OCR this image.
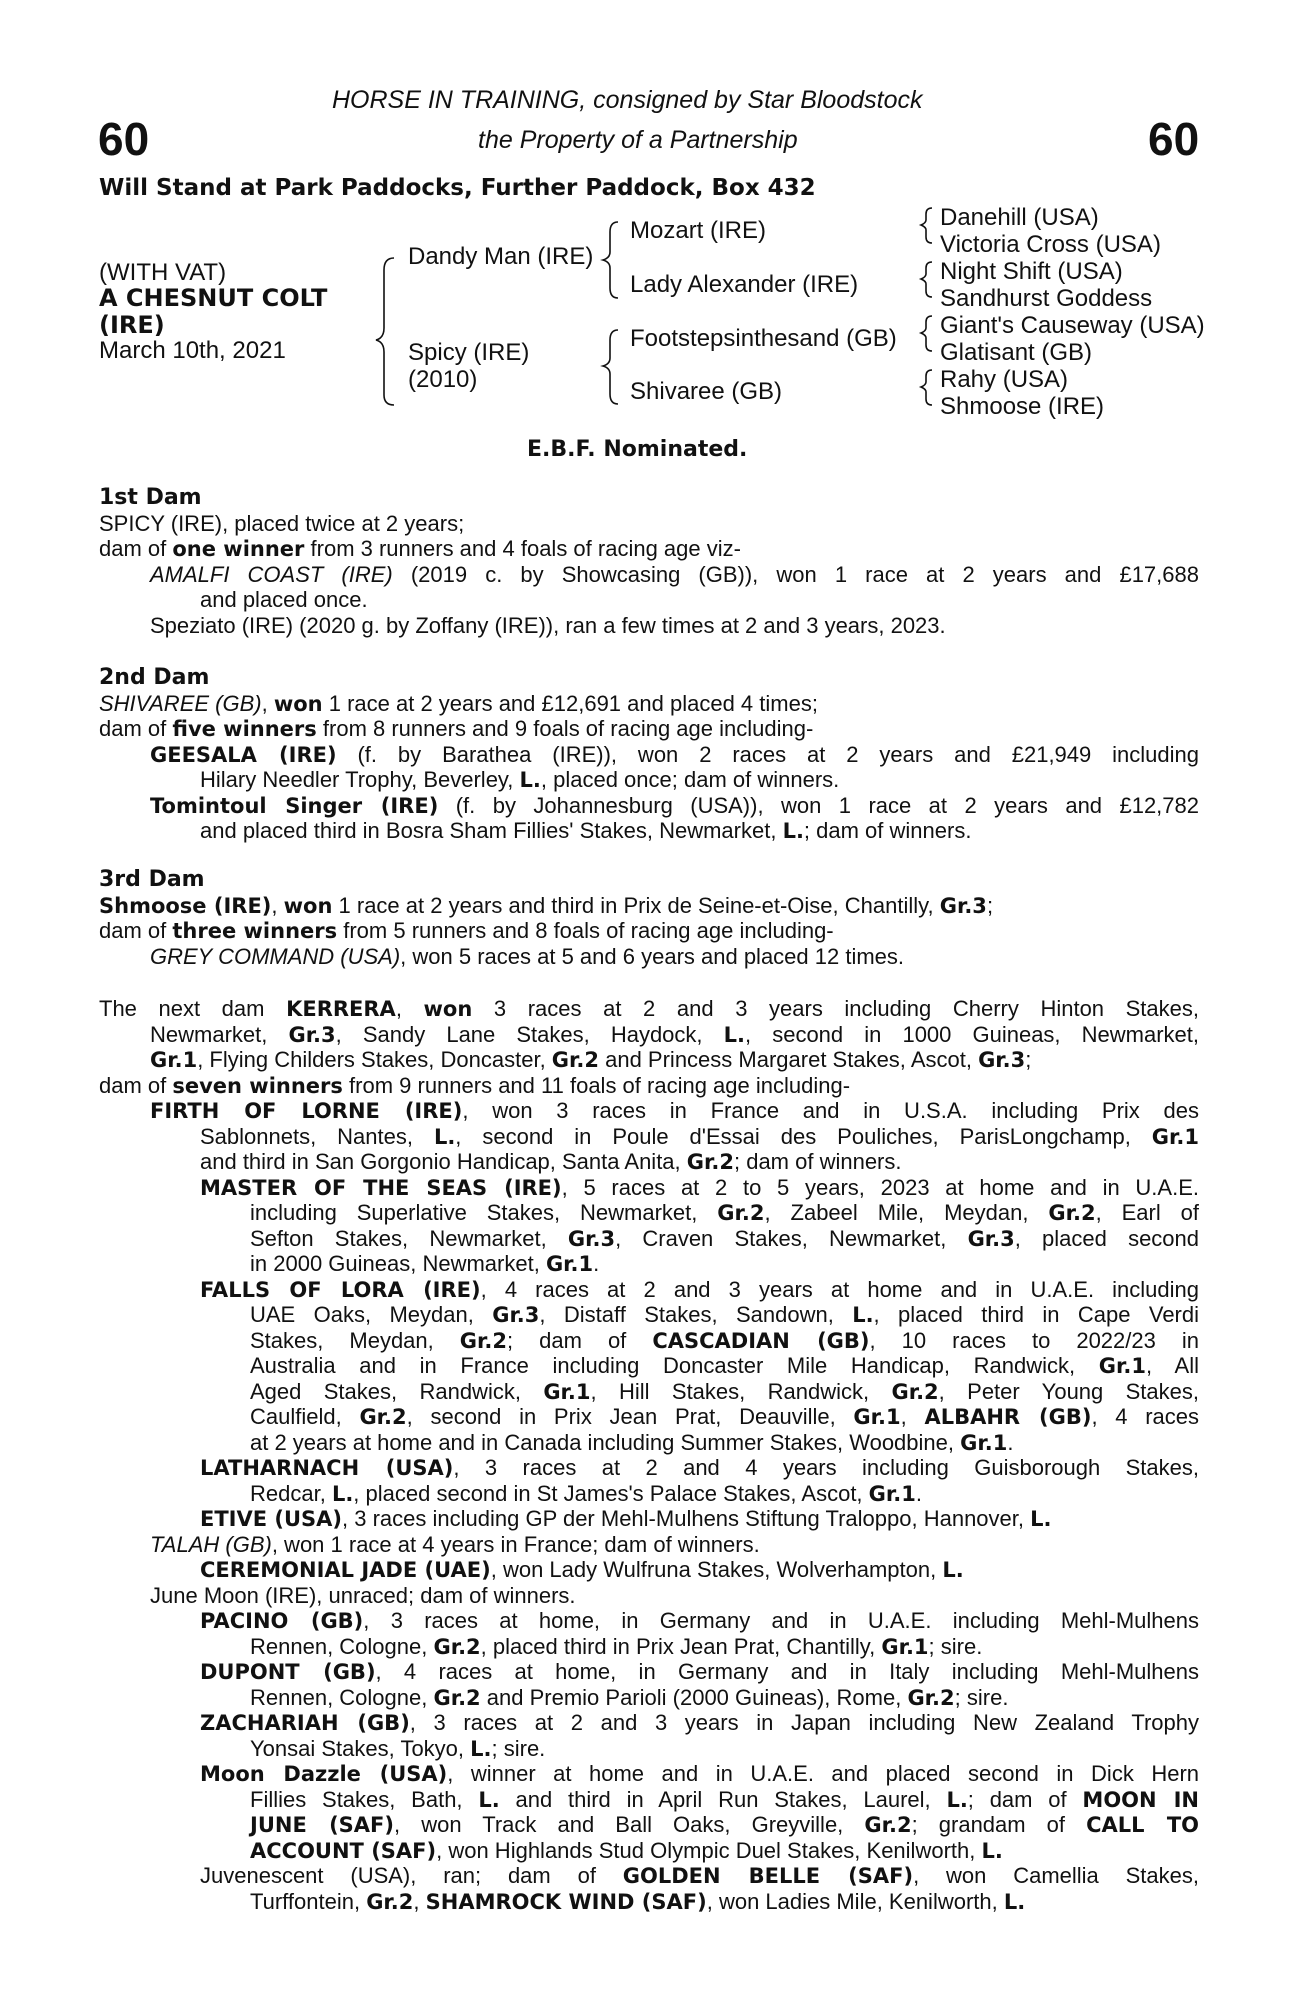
60	60
HORSE IN TRAINING, consigned by Star Bloodstock
the Property of a Partnership
Will Stand at Park Paddocks, Further Paddock, Box 432
(WITH VAT)
A CHESNUT COLT
(IRE)
March 10th, 2021
Dandy Man (IRE)
Spicy (IRE)
(2010)
Mozart (IRE)
Lady Alexander (IRE)
Footstepsinthesand (GB)
Shivaree (GB)
Danehill (USA)
Victoria Cross (USA)
Night Shift (USA)
Sandhurst Goddess
Giant's Causeway (USA)
Glatisant (GB)
Rahy (USA)
Shmoose (IRE)
E.B.F. Nominated.
1st Dam
SPICY (IRE), placed twice at 2 years;
dam of one winner from 3 runners and 4 foals of racing age viz-
AMALFI COAST (IRE) (2019 c. by Showcasing (GB)), won 1 race at 2 years and £17,688
and placed once.
Speziato (IRE) (2020 g. by Zoffany (IRE)), ran a few times at 2 and 3 years, 2023.
2nd Dam
SHIVAREE (GB), won 1 race at 2 years and £12,691 and placed 4 times;
dam of five winners from 8 runners and 9 foals of racing age including-
GEESALA (IRE) (f. by Barathea (IRE)), won 2 races at 2 years and £21,949 including
Hilary Needler Trophy, Beverley, L., placed once; dam of winners.
Tomintoul Singer (IRE) (f. by Johannesburg (USA)), won 1 race at 2 years and £12,782
and placed third in Bosra Sham Fillies' Stakes, Newmarket, L.; dam of winners.
3rd Dam
Shmoose (IRE), won 1 race at 2 years and third in Prix de Seine-et-Oise, Chantilly, Gr.3;
dam of three winners from 5 runners and 8 foals of racing age including-
GREY COMMAND (USA), won 5 races at 5 and 6 years and placed 12 times.
The next dam KERRERA, won 3 races at 2 and 3 years including Cherry Hinton Stakes,
Newmarket, Gr.3, Sandy Lane Stakes, Haydock, L., second in 1000 Guineas, Newmarket,
Gr.1, Flying Childers Stakes, Doncaster, Gr.2 and Princess Margaret Stakes, Ascot, Gr.3;
dam of seven winners from 9 runners and 11 foals of racing age including-
FIRTH OF LORNE (IRE), won 3 races in France and in U.S.A. including Prix des
Sablonnets, Nantes, L., second in Poule d'Essai des Pouliches, ParisLongchamp, Gr.1
and third in San Gorgonio Handicap, Santa Anita, Gr.2; dam of winners.
MASTER OF THE SEAS (IRE), 5 races at 2 to 5 years, 2023 at home and in U.A.E.
including Superlative Stakes, Newmarket, Gr.2, Zabeel Mile, Meydan, Gr.2, Earl of
Sefton Stakes, Newmarket, Gr.3, Craven Stakes, Newmarket, Gr.3, placed second
in 2000 Guineas, Newmarket, Gr.1.
FALLS OF LORA (IRE), 4 races at 2 and 3 years at home and in U.A.E. including
UAE Oaks, Meydan, Gr.3, Distaff Stakes, Sandown, L., placed third in Cape Verdi
Stakes, Meydan, Gr.2; dam of CASCADIAN (GB), 10 races to 2022/23 in
Australia and in France including Doncaster Mile Handicap, Randwick, Gr.1, All
Aged Stakes, Randwick, Gr.1, Hill Stakes, Randwick, Gr.2, Peter Young Stakes,
Caulfield, Gr.2, second in Prix Jean Prat, Deauville, Gr.1, ALBAHR (GB), 4 races
at 2 years at home and in Canada including Summer Stakes, Woodbine, Gr.1.
LATHARNACH (USA), 3 races at 2 and 4 years including Guisborough Stakes,
Redcar, L., placed second in St James's Palace Stakes, Ascot, Gr.1.
ETIVE (USA), 3 races including GP der Mehl-Mulhens Stiftung Traloppo, Hannover, L.
TALAH (GB), won 1 race at 4 years in France; dam of winners.
CEREMONIAL JADE (UAE), won Lady Wulfruna Stakes, Wolverhampton, L.
June Moon (IRE), unraced; dam of winners.
PACINO (GB), 3 races at home, in Germany and in U.A.E. including Mehl-Mulhens
Rennen, Cologne, Gr.2, placed third in Prix Jean Prat, Chantilly, Gr.1; sire.
DUPONT (GB), 4 races at home, in Germany and in Italy including Mehl-Mulhens
Rennen, Cologne, Gr.2 and Premio Parioli (2000 Guineas), Rome, Gr.2; sire.
ZACHARIAH (GB), 3 races at 2 and 3 years in Japan including New Zealand Trophy
Yonsai Stakes, Tokyo, L.; sire.
Moon Dazzle (USA), winner at home and in U.A.E. and placed second in Dick Hern
Fillies Stakes, Bath, L. and third in April Run Stakes, Laurel, L.; dam of MOON IN
JUNE (SAF), won Track and Ball Oaks, Greyville, Gr.2; grandam of CALL TO
ACCOUNT (SAF), won Highlands Stud Olympic Duel Stakes, Kenilworth, L.
Juvenescent (USA), ran; dam of GOLDEN BELLE (SAF), won Camellia Stakes,
Turffontein, Gr.2, SHAMROCK WIND (SAF), won Ladies Mile, Kenilworth, L.
